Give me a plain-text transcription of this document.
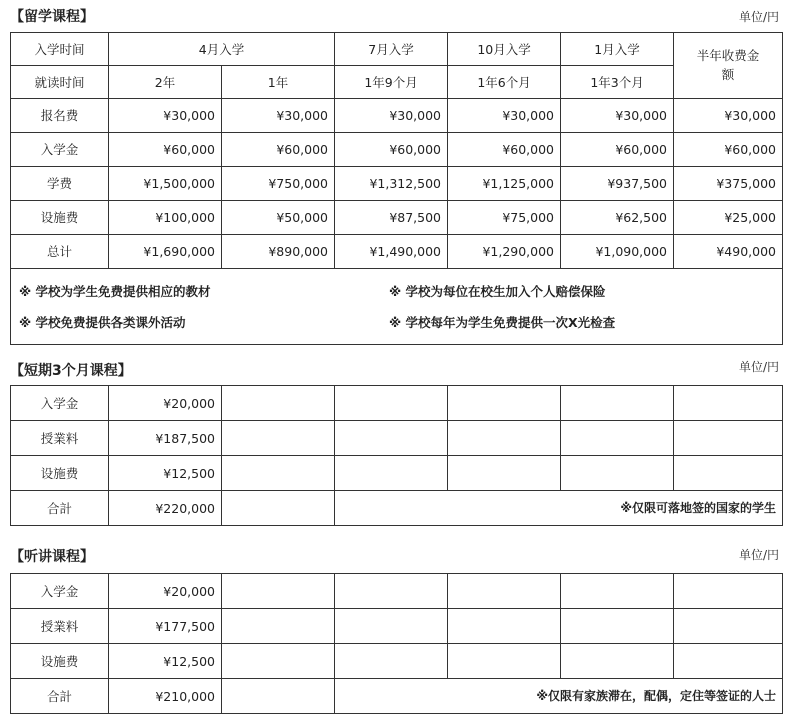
【留学课程】	单位/円
入学时间	4月入学		7月入学	10月入学	1月入学	半年收费金额
就读时间	2年	1年	1年9个月	1年6个月	1年3个月	
报名费	¥30,000	¥30,000	¥30,000	¥30,000	¥30,000	¥30,000
入学金	¥60,000	¥60,000	¥60,000	¥60,000	¥60,000	¥60,000
学费	¥1,500,000	¥750,000	¥1,312,500	¥1,125,000	¥937,500	¥375,000
设施费	¥100,000	¥50,000	¥87,500	¥75,000	¥62,500	¥25,000
总计	¥1,690,000	¥890,000	¥1,490,000	¥1,290,000	¥1,090,000	¥490,000

※ 学校为学生免费提供相应的教材 ※ 学校为每位在校生加入个人赔偿保险
※ 学校免费提供各类课外活动 ※ 学校每年为学生免费提供一次X光检查						
【短期3个月课程】	单位/円
入学金	¥20,000					
授業料	¥187,500					
设施费	¥12,500					
合計	¥220,000		※仅限可落地签的国家的学生			
【听讲课程】	单位/円
入学金	¥20,000					
授業料	¥177,500					
设施费	¥12,500					
合計	¥210,000		※仅限有家族滞在，配偶，定住等签证的人士			
